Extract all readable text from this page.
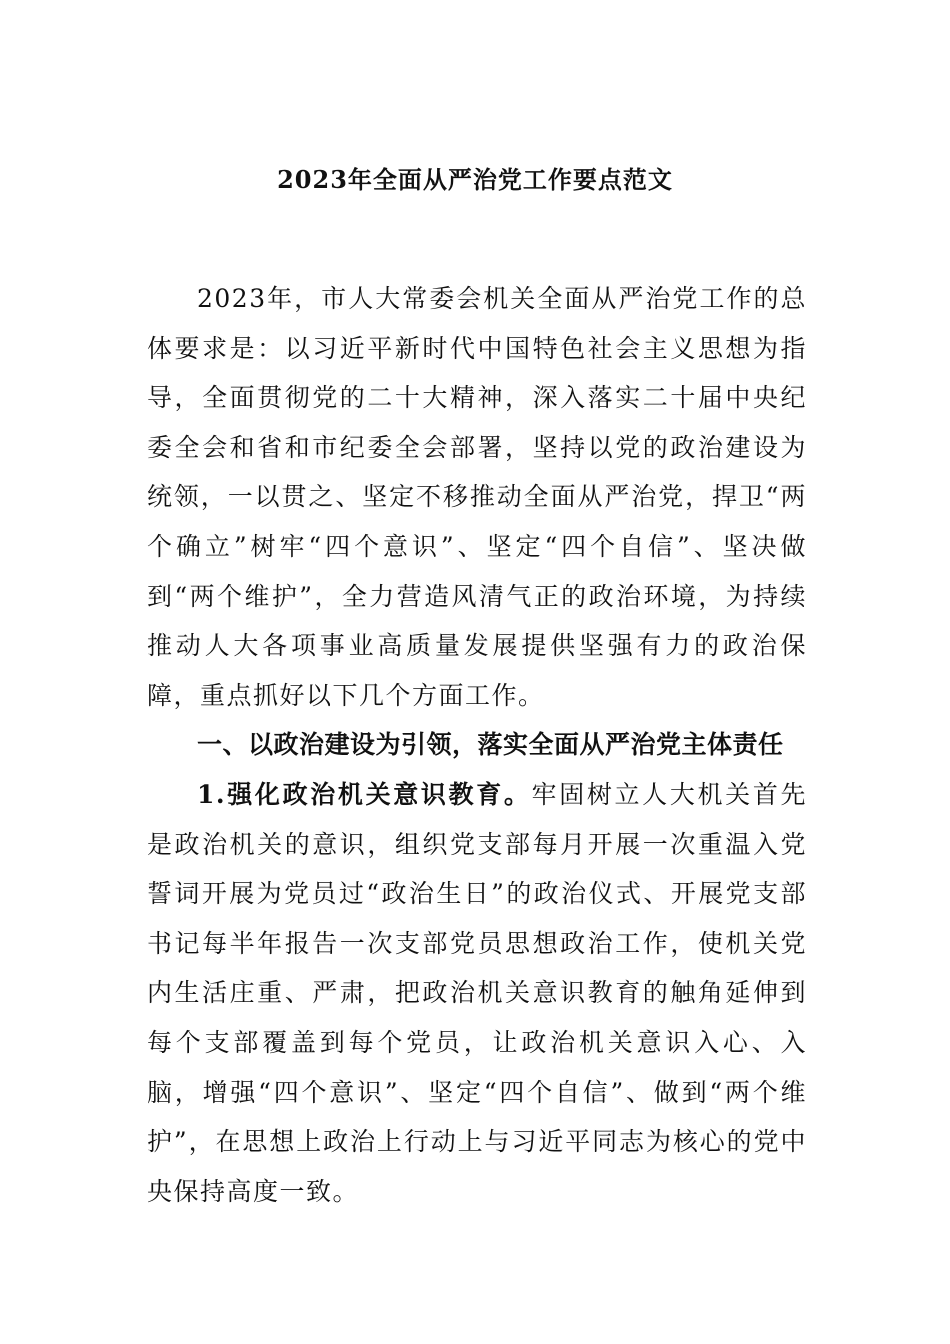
2023年全面从严治党工作要点范文

2023年，市人大常委会机关全面从严治党工作的总体要求是：以习近平新时代中国特色社会主义思想为指导，全面贯彻党的二十大精神，深入落实二十届中央纪委全会和省和市纪委全会部署，坚持以党的政治建设为统领，一以贯之、坚定不移推动全面从严治党，捍卫“两个确立”树牢“四个意识”、坚定“四个自信”、坚决做到“两个维护”，全力营造风清气正的政治环境，为持续推动人大各项事业高质量发展提供坚强有力的政治保障，重点抓好以下几个方面工作。

一、以政治建设为引领，落实全面从严治党主体责任

1.强化政治机关意识教育。牢固树立人大机关首先是政治机关的意识，组织党支部每月开展一次重温入党誓词开展为党员过“政治生日”的政治仪式、开展党支部书记每半年报告一次支部党员思想政治工作，使机关党内生活庄重、严肃，把政治机关意识教育的触角延伸到每个支部覆盖到每个党员，让政治机关意识入心、入脑，增强“四个意识”、坚定“四个自信”、做到“两个维护”，在思想上政治上行动上与习近平同志为核心的党中央保持高度一致。
